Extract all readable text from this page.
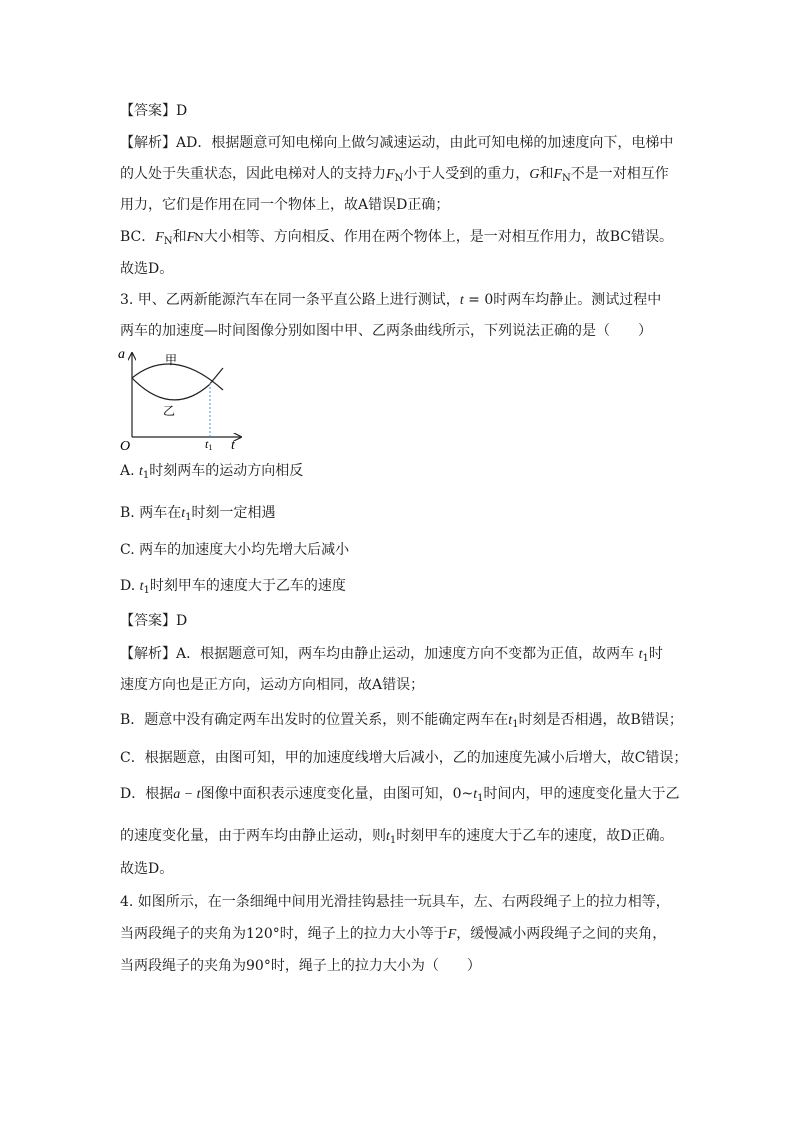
【答案】D
【解析】AD．根据题意可知电梯向上做匀减速运动，由此可知电梯的加速度向下，电梯中
的人处于失重状态，因此电梯对人的支持力$F_N$小于人受到的重力，G和$F_N$不是一对相互作
用力，它们是作用在同一个物体上，故A错误D正确；
BC．$F_N$和FN大小相等、方向相反、作用在两个物体上，是一对相互作用力，故BC错误。
故选D。
3. 甲、乙两新能源汽车在同一条平直公路上进行测试，t = 0时两车均静止。测试过程中
两车的加速度—时间图像分别如图中甲、乙两条曲线所示，下列说法正确的是（　　）
a
t
O	t1
甲
乙
A. $t_1$时刻两车的运动方向相反
B. 两车在$t_1$时刻一定相遇
C. 两车的加速度大小均先增大后减小
D. $t_1$时刻甲车的速度大于乙车的速度
【答案】D
【解析】A．根据题意可知，两车均由静止运动，加速度方向不变都为正值，故两车 $t_1$时
速度方向也是正方向，运动方向相同，故A错误；
B．题意中没有确定两车出发时的位置关系，则不能确定两车在$t_1$时刻是否相遇，故B错误；
C．根据题意，由图可知，甲的加速度线增大后减小，乙的加速度先减小后增大，故C错误；
D．根据a − t图像中面积表示速度变化量，由图可知，$0\sim t_1$时间内，甲的速度变化量大于乙
的速度变化量，由于两车均由静止运动，则$t_1$时刻甲车的速度大于乙车的速度，故D正确。
故选D。
4. 如图所示，在一条细绳中间用光滑挂钩悬挂一玩具车，左、右两段绳子上的拉力相等，
当两段绳子的夹角为120°时，绳子上的拉力大小等于F，缓慢减小两段绳子之间的夹角，
当两段绳子的夹角为90°时，绳子上的拉力大小为（　　）
